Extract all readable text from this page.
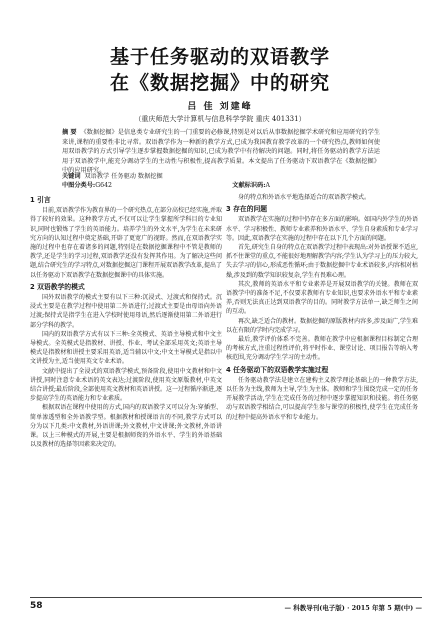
基于任务驱动的双语教学
在《数据挖掘》中的研究
吕 佳 刘建峰
（重庆师范大学计算机与信息科学学院 重庆 401331）
摘 要 《数据挖掘》是信息类专业研究生的一门重要的必修课,特别是对以后从事数据挖掘学术研究和应用研究的学生来讲,课程的重要性非比寻常。双语教学作为一种新的教学方式,已成为我国教育教学改革的一个研究热点,教师如何使用双语教学的方式引导学生逐步掌握数据挖掘的知识,已成为教学中有待解决的问题。同时,将任务驱动的教学方法运用于双语教学中,能充分调动学生的主动性与积极性,提高教学质量。本文提出了任务驱动下双语教学在《数据挖掘》中的应用研究。
关键词 双语教学 任务驱动 数据挖掘
中图分类号:G642	文献标识码:A
1 引言

目前,双语教学作为教育界的一个研究热点,在部分高校已经实施,并取得了较好的效果。这种教学方式,不仅可以让学生掌握所学科目的专业知识,同时也锻炼了学生的英语能力。培养学生的外文水平,为学生在未来研究方向的认知过程中奠定基础,开辟了更宽广的视野。然而,在双语教学实施的过程中也存在着诸多的问题,特别是在数据挖掘课程中不管是教师的教学,还是学生的学习过程,双语教学还没有发挥其作用。为了解决这些问题,结合研究生的学习特点,对数据挖掘这门课程开展双语教学改革,提出了以任务驱动下双语教学在数据挖掘课中的具体实施。

2 双语教学的模式

国外双语教学的模式主要有以下三种:沉浸式、过渡式和保持式。沉浸式主要是在教学过程中使用第二外语进行;过渡式主要是由母语向外语过渡;保持式是指学生在进入学校时使用母语,然后逐渐使用第二外语进行部分学科的教学。

国内的双语教学方式有以下三种:全英模式、英语主导模式和中文主导模式。全英模式是指教材、讲授、作业、考试全部采用英文;英语主导模式是指教材和讲授主要采用英语,适当辅以中文;中文主导模式是指以中文讲授为主,适当使用英文专业术语。

文献中提出了全浸式的双语教学模式,预备阶段,使用中文教材和中文讲授,同时注意专业术语的英文表达;过渡阶段,使用英文原版教材,中英文结合讲授;最后阶段,全部使用英文教材和英语讲授。这一过程循序渐进,逐步提高学生的英语能力和专业素质。

根据双语在课程中使用的方式,国内的双语教学又可以分为:穿插型、简单渗透型和全外语教学型。根据教材和授课语言的不同,教学方式可以分为以下几类:中文教材,外语讲课;外文教材,中文讲课;外文教材,外语讲课。以上三种模式的开展,主要是根据师资的外语水平、学生的外语基础以及教材的选择等因素来决定的。

身的特点和外语水平地选择适合的双语教学模式。

3 存在的问题

双语教学在实施的过程中仍存在多方面的影响。如国内外学生的外语水平、学习积极性、教师专业素养和外语水平、学生自身素质和专业学习等。因此,双语教学在实施的过程中存在以下几个方面的问题。

首先,研究生自身的特点在双语教学过程中表现出:对外语授课不适应,抓不住课堂的重点,不能很好地理解教学内容;学生认为学习上的压力较大,失去学习的信心,形成恶性循环;由于数据挖掘中专业术语较多,内容相对枯燥,涉及到的数学知识较复杂,学生有畏难心理。

其次,教师的英语水平和专业素养是开展双语教学的关键。教师在双语教学中的准备不足,不仅要求教师有专业知识,也要求外语水平和专业素养,否则无法真正达到双语教学的目的。同时教学方法单一,缺乏师生之间的互动。

再次,缺乏适合的教材。数据挖掘的原版教材内容多,涉及面广,学生难以在有限的学时内完成学习。

最后,教学评价体系不完善。教师在教学中应根据课程目标制定合理的考核方式,注重过程性评价,将平时作业、课堂讨论、项目报告等纳入考核范围,充分调动学生学习的主动性。

4 任务驱动下的双语教学实施过程

任务驱动教学法是建立在建构主义教学理论基础上的一种教学方法,以任务为主线,教师为主导,学生为主体。教师和学生围绕完成一定的任务开展教学活动,学生在完成任务的过程中逐步掌握知识和技能。将任务驱动与双语教学相结合,可以提高学生参与课堂的积极性,使学生在完成任务的过程中提高外语水平和专业能力。

58	— 科教导刊(电子版) · 2015 年第 5 期(中) —
